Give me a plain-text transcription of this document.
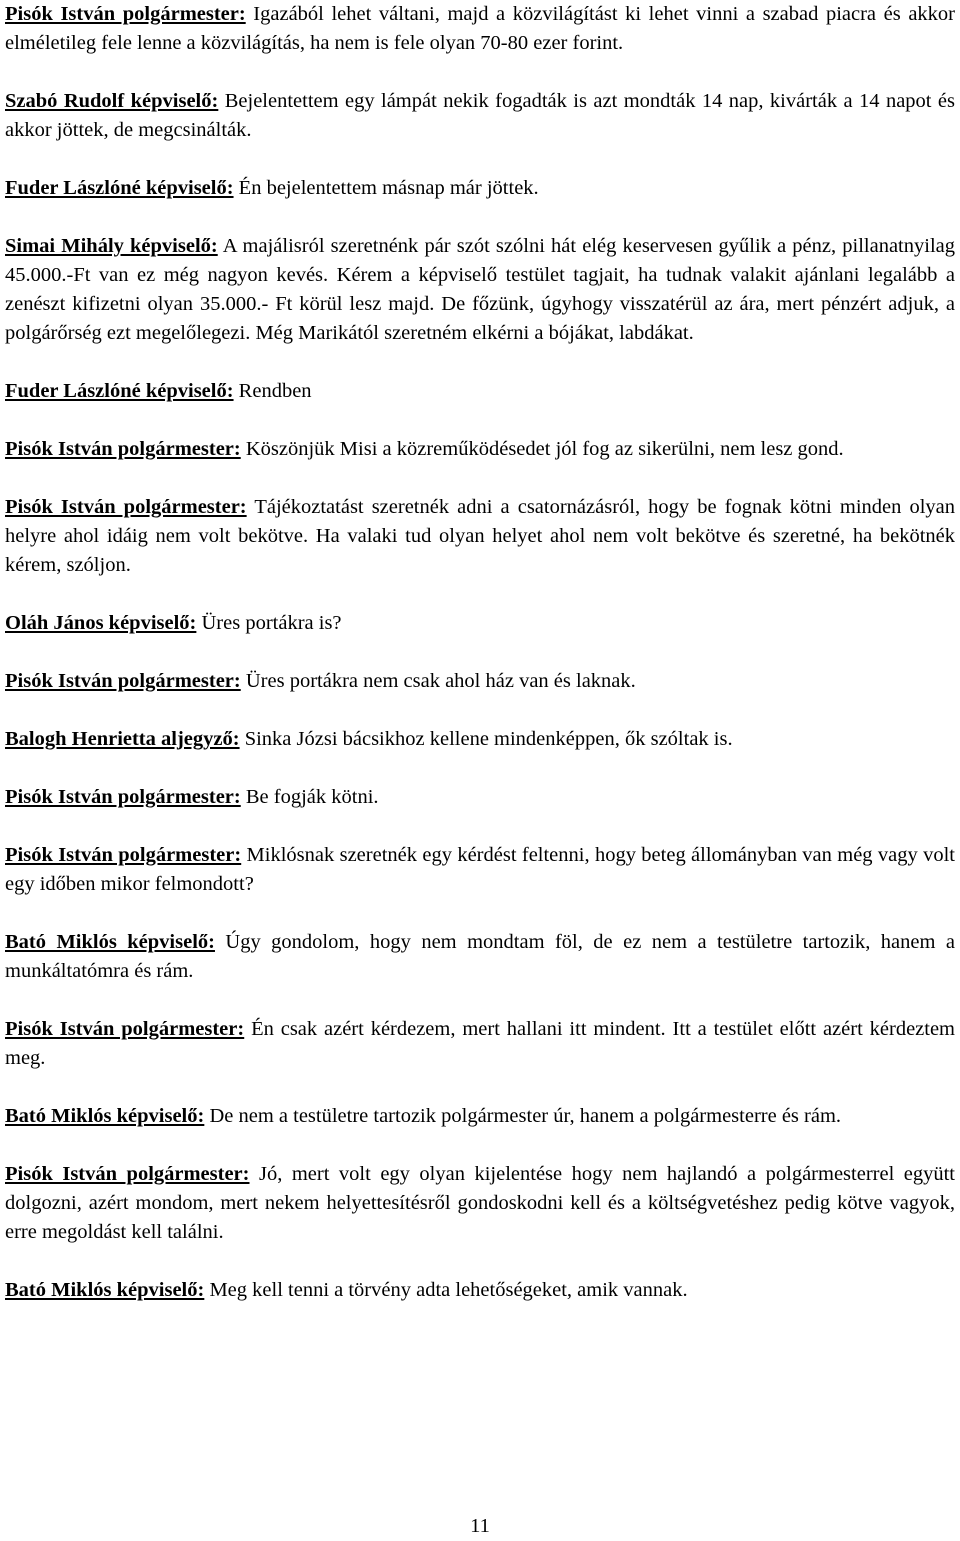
Pisók István polgármester: Igazából lehet váltani, majd a közvilágítást ki lehet vinni a szabad piacra és akkor elméletileg fele lenne a közvilágítás, ha nem is fele olyan 70-80 ezer forint.

Szabó Rudolf képviselő: Bejelentettem egy lámpát nekik fogadták is azt mondták 14 nap, kivárták a 14 napot és akkor jöttek, de megcsinálták.

Fuder Lászlóné képviselő: Én bejelentettem másnap már jöttek.

Simai Mihály képviselő: A majálisról szeretnénk pár szót szólni hát elég keservesen gyűlik a pénz, pillanatnyilag 45.000.-Ft van ez még nagyon kevés. Kérem a képviselő testület tagjait, ha tudnak valakit ajánlani legalább a zenészt kifizetni olyan 35.000.- Ft körül lesz majd. De főzünk, úgyhogy visszatérül az ára, mert pénzért adjuk, a polgárőrség ezt megelőlegezi. Még Marikától szeretném elkérni a bójákat, labdákat.

Fuder Lászlóné képviselő: Rendben

Pisók István polgármester: Köszönjük Misi a közreműködésedet jól fog az sikerülni, nem lesz gond.

Pisók István polgármester: Tájékoztatást szeretnék adni a csatornázásról, hogy be fognak kötni minden olyan helyre ahol idáig nem volt bekötve. Ha valaki tud olyan helyet ahol nem volt bekötve és szeretné, ha bekötnék kérem, szóljon.

Oláh János képviselő: Üres portákra is?

Pisók István polgármester: Üres portákra nem csak ahol ház van és laknak.

Balogh Henrietta aljegyző: Sinka Józsi bácsikhoz kellene mindenképpen, ők szóltak is.

Pisók István polgármester: Be fogják kötni.

Pisók István polgármester: Miklósnak szeretnék egy kérdést feltenni, hogy beteg állományban van még vagy volt egy időben mikor felmondott?

Bató Miklós képviselő: Úgy gondolom, hogy nem mondtam föl, de ez nem a testületre tartozik, hanem a munkáltatómra és rám.

Pisók István polgármester: Én csak azért kérdezem, mert hallani itt mindent. Itt a testület előtt azért kérdeztem meg.

Bató Miklós képviselő: De nem a testületre tartozik polgármester úr, hanem a polgármesterre és rám.

Pisók István polgármester: Jó, mert volt egy olyan kijelentése hogy nem hajlandó a polgármesterrel együtt dolgozni, azért mondom, mert nekem helyettesítésről gondoskodni kell és a költségvetéshez pedig kötve vagyok, erre megoldást kell találni.

Bató Miklós képviselő: Meg kell tenni a törvény adta lehetőségeket, amik vannak.

11
